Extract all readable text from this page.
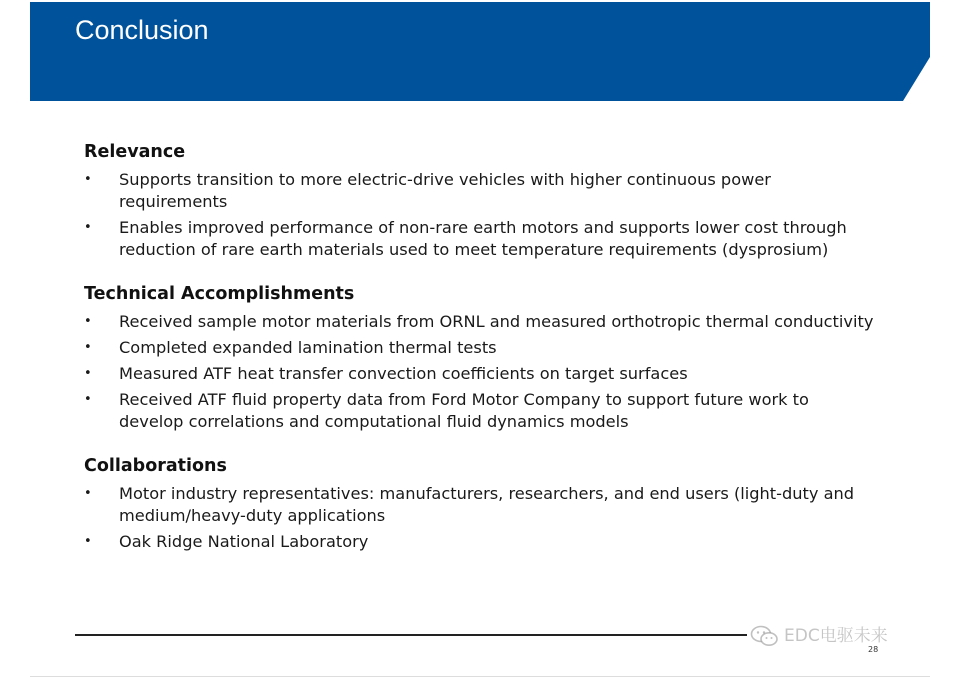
Conclusion
Relevance
• Supports transition to more electric-drive vehicles with higher continuous power requirements
• Enables improved performance of non-rare earth motors and supports lower cost through reduction of rare earth materials used to meet temperature requirements (dysprosium)
Technical Accomplishments
• Received sample motor materials from ORNL and measured orthotropic thermal conductivity
• Completed expanded lamination thermal tests
• Measured ATF heat transfer convection coefficients on target surfaces
• Received ATF fluid property data from Ford Motor Company to support future work to develop correlations and computational fluid dynamics models
Collaborations
• Motor industry representatives: manufacturers, researchers, and end users (light-duty and medium/heavy-duty applications
• Oak Ridge National Laboratory
EDC电驱未来
28
